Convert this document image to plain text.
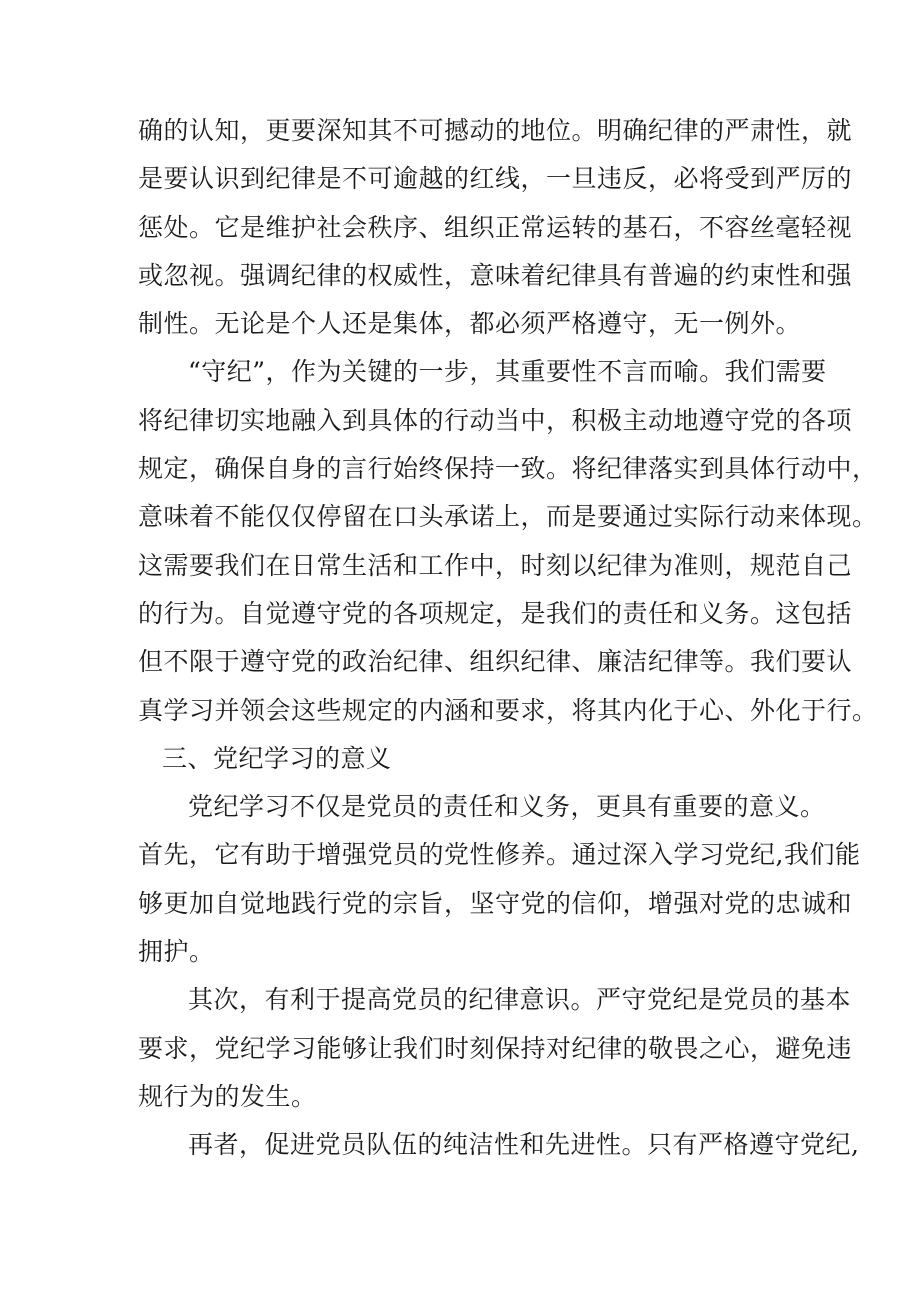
确的认知，更要深知其不可撼动的地位。明确纪律的严肃性，就
是要认识到纪律是不可逾越的红线，一旦违反，必将受到严厉的
惩处。它是维护社会秩序、组织正常运转的基石，不容丝毫轻视
或忽视。强调纪律的权威性，意味着纪律具有普遍的约束性和强
制性。无论是个人还是集体，都必须严格遵守，无一例外。
“守纪”，作为关键的一步，其重要性不言而喻。我们需要
将纪律切实地融入到具体的行动当中，积极主动地遵守党的各项
规定，确保自身的言行始终保持一致。将纪律落实到具体行动中，
意味着不能仅仅停留在口头承诺上，而是要通过实际行动来体现。
这需要我们在日常生活和工作中，时刻以纪律为准则，规范自己
的行为。自觉遵守党的各项规定，是我们的责任和义务。这包括
但不限于遵守党的政治纪律、组织纪律、廉洁纪律等。我们要认
真学习并领会这些规定的内涵和要求，将其内化于心、外化于行。
三、党纪学习的意义
党纪学习不仅是党员的责任和义务，更具有重要的意义。
首先，它有助于增强党员的党性修养。通过深入学习党纪,我们能
够更加自觉地践行党的宗旨，坚守党的信仰，增强对党的忠诚和
拥护。
其次，有利于提高党员的纪律意识。严守党纪是党员的基本
要求，党纪学习能够让我们时刻保持对纪律的敬畏之心，避免违
规行为的发生。
再者，促进党员队伍的纯洁性和先进性。只有严格遵守党纪,
